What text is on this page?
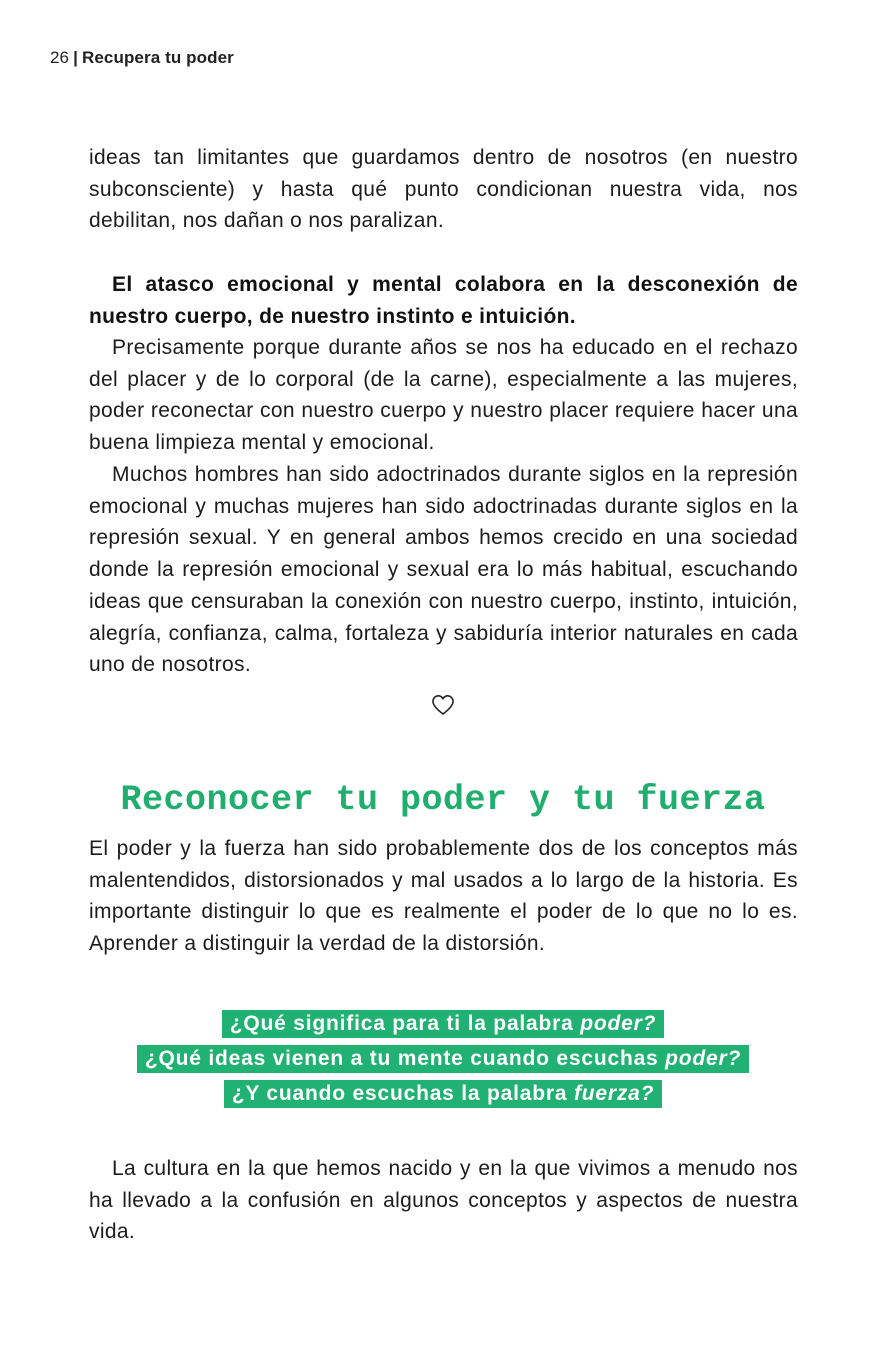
26 | Recupera tu poder

ideas tan limitantes que guardamos dentro de nosotros (en nuestro subconsciente) y hasta qué punto condicionan nuestra vida, nos debilitan, nos dañan o nos paralizan.

El atasco emocional y mental colabora en la desconexión de nuestro cuerpo, de nuestro instinto e intuición.

Precisamente porque durante años se nos ha educado en el rechazo del placer y de lo corporal (de la carne), especialmente a las mujeres, poder reconectar con nuestro cuerpo y nuestro placer requiere hacer una buena limpieza mental y emocional.

Muchos hombres han sido adoctrinados durante siglos en la represión emocional y muchas mujeres han sido adoctrinadas durante siglos en la represión sexual. Y en general ambos hemos crecido en una sociedad donde la represión emocional y sexual era lo más habitual, escuchando ideas que censuraban la conexión con nuestro cuerpo, instinto, intuición, alegría, confianza, calma, fortaleza y sabiduría interior naturales en cada uno de nosotros.

Reconocer tu poder y tu fuerza

El poder y la fuerza han sido probablemente dos de los conceptos más malentendidos, distorsionados y mal usados a lo largo de la historia. Es importante distinguir lo que es realmente el poder de lo que no lo es. Aprender a distinguir la verdad de la distorsión.

¿Qué significa para ti la palabra poder?
¿Qué ideas vienen a tu mente cuando escuchas poder?
¿Y cuando escuchas la palabra fuerza?

La cultura en la que hemos nacido y en la que vivimos a menudo nos ha llevado a la confusión en algunos conceptos y aspectos de nuestra vida.
